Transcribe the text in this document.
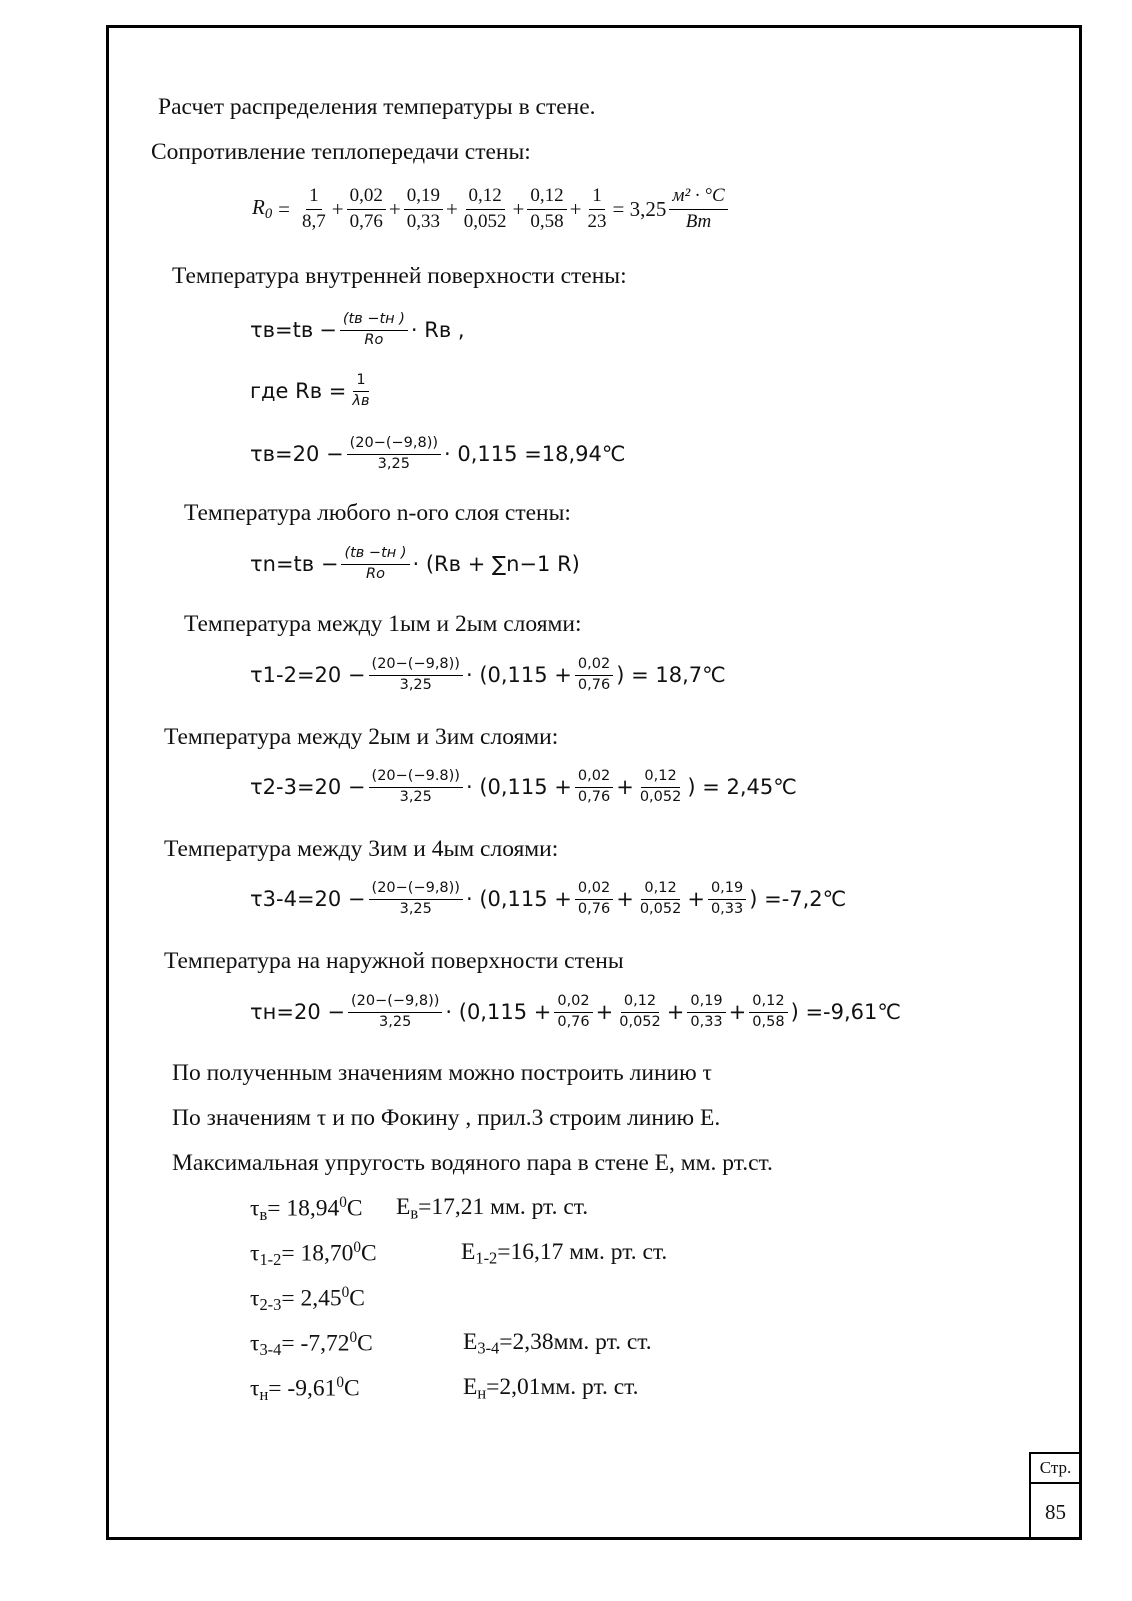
Расчет распределения температуры в стене.
Сопротивление теплопередачи стены:
$R_0 = \frac{1}{8,7} + \frac{0,02}{0,76} + \frac{0,19}{0,33} + \frac{0,12}{0,052} + \frac{0,12}{0,58} + \frac{1}{23} = 3,25 \frac{\text{м² · °C}}{Вт}$
Температура внутренней поверхности стены:
$\tau в=tв - \frac{(tв -tн )}{Ro}$ · Rв ,
где Rв = $\frac{1}{\lambda в}$
$\tau в=20 - \frac{(20-(-9,8))}{3,25} \cdot 0,115$ =18,94℃
Температура любого n-ого слоя стены:
$\tau n=tв - \frac{(tв -tн )}{Ro} \cdot (Rв + \sum n-1$ R)
Температура между 1ым и 2ым слоями:
$\tau 1-2=20 - \frac{(20-(-9,8))}{3,25} \cdot (0,115 + \frac{0,02}{0,76}$ ) = 18,7℃
Температура между 2ым и 3им слоями:
$\tau 2-3=20 - \frac{(20-(-9.8))}{3,25} \cdot (0,115 + \frac{0,02}{0,76} + \frac{0,12}{0,052}$ ) = 2,45℃
Температура между 3им и 4ым слоями:
$\tau 3-4=20 - \frac{(20-(-9,8))}{3,25} \cdot (0,115 + \frac{0,02}{0,76} + \frac{0,12}{0,052} + \frac{0,19}{0,33}$ ) =-7,2℃
Температура на наружной поверхности стены
$\tau н=20 - \frac{(20-(-9,8))}{3,25} \cdot (0,115 + \frac{0,02}{0,76} + \frac{0,12}{0,052} + \frac{0,19}{0,33} + \frac{0,12}{0,58}$ ) =-9,61℃
По полученным значениям можно построить линию τ
По значениям τ и по Фокину , прил.3 строим линию E.
Максимальная упругость водяного пара в стене E, мм. рт.ст.
$\tau_в= 18,94^0C$ $E_в=17,21$ мм. рт. ст.
$\tau_{1-2}= 18,70^0C$	$E_{1-2}=16,17$ мм. рт. ст.
$\tau_{2-3}= 2,45^0C$
$\tau_{3-4}= -7,72^0C$	$E_{3-4}=2,38мм$. рт. ст.
$\tau_н= -9,61^0C$	$E_н=2,01мм$. рт. ст.
Стр.
85
